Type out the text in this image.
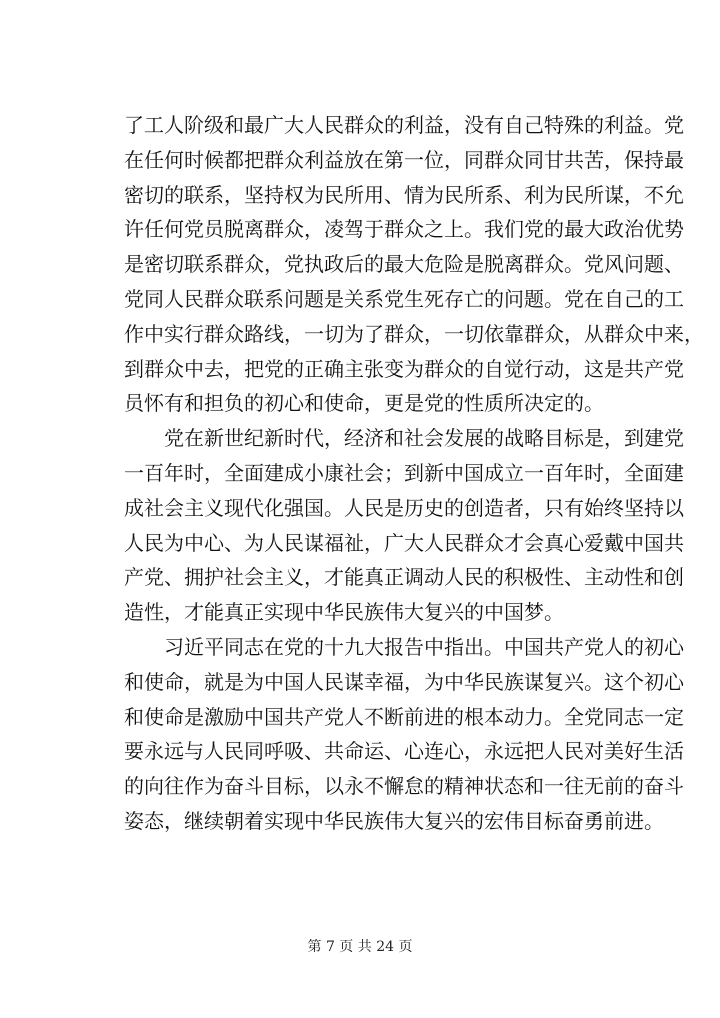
了工人阶级和最广大人民群众的利益，没有自己特殊的利益。党
在任何时候都把群众利益放在第一位，同群众同甘共苦，保持最
密切的联系，坚持权为民所用、情为民所系、利为民所谋，不允
许任何党员脱离群众，凌驾于群众之上。我们党的最大政治优势
是密切联系群众，党执政后的最大危险是脱离群众。党风问题、
党同人民群众联系问题是关系党生死存亡的问题。党在自己的工
作中实行群众路线，一切为了群众，一切依靠群众，从群众中来，
到群众中去，把党的正确主张变为群众的自觉行动，这是共产党
员怀有和担负的初心和使命，更是党的性质所决定的。

党在新世纪新时代，经济和社会发展的战略目标是，到建党
一百年时，全面建成小康社会；到新中国成立一百年时，全面建
成社会主义现代化强国。人民是历史的创造者，只有始终坚持以
人民为中心、为人民谋福祉，广大人民群众才会真心爱戴中国共
产党、拥护社会主义，才能真正调动人民的积极性、主动性和创
造性，才能真正实现中华民族伟大复兴的中国梦。

习近平同志在党的十九大报告中指出。中国共产党人的初心
和使命，就是为中国人民谋幸福，为中华民族谋复兴。这个初心
和使命是激励中国共产党人不断前进的根本动力。全党同志一定
要永远与人民同呼吸、共命运、心连心，永远把人民对美好生活
的向往作为奋斗目标，以永不懈怠的精神状态和一往无前的奋斗
姿态，继续朝着实现中华民族伟大复兴的宏伟目标奋勇前进。

第 7 页 共 24 页
